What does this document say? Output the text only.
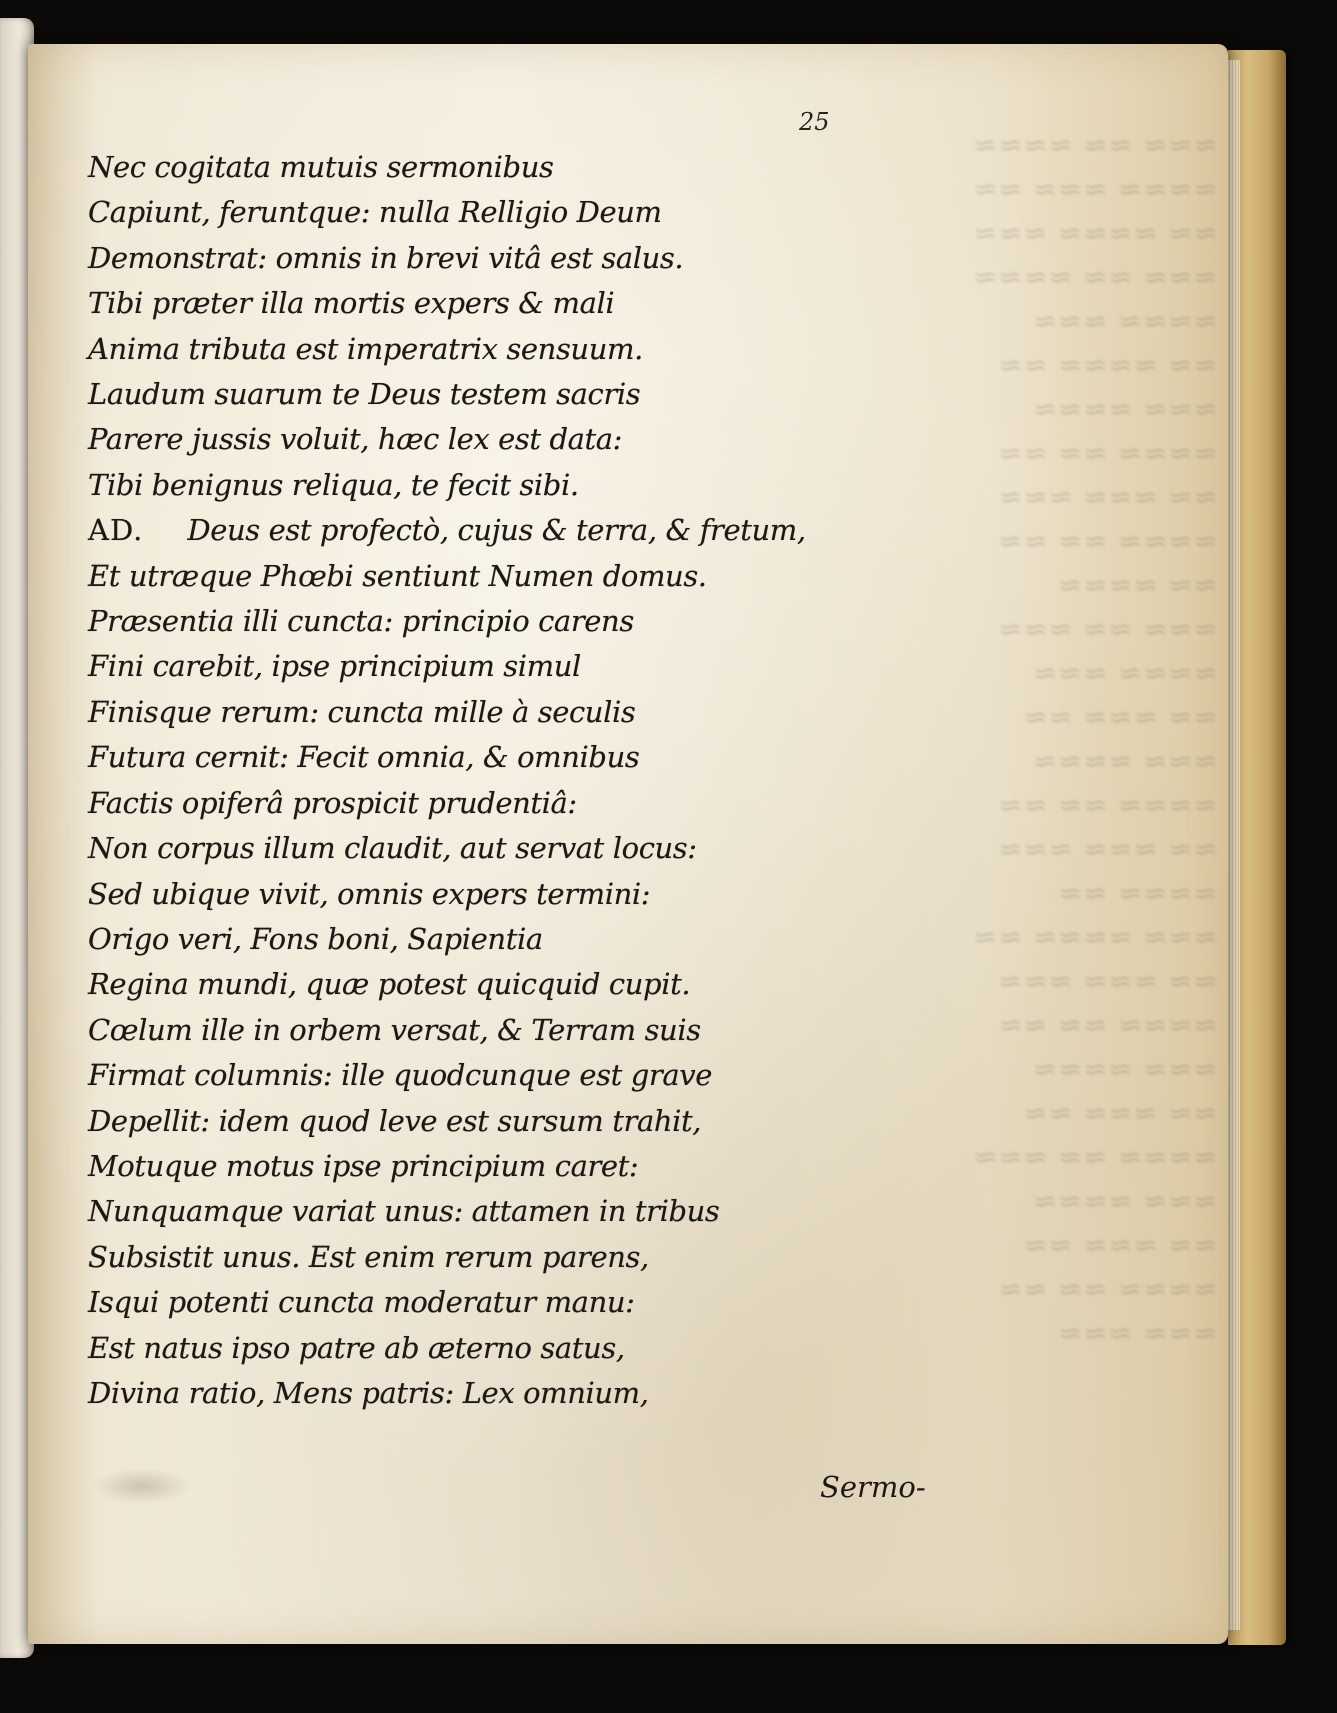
≈≈≈ ≈≈ ≈≈≈≈
≈≈≈≈ ≈≈≈ ≈≈
≈≈ ≈≈≈≈ ≈≈≈
≈≈≈ ≈≈ ≈≈≈≈
≈≈≈≈ ≈≈≈
≈≈ ≈≈≈≈ ≈≈
≈≈≈ ≈≈≈≈
≈≈≈≈ ≈≈ ≈≈
≈≈ ≈≈≈ ≈≈≈
≈≈≈≈ ≈≈ ≈≈
≈≈ ≈≈≈≈
≈≈≈ ≈≈ ≈≈≈
≈≈≈≈ ≈≈≈
≈≈ ≈≈≈ ≈≈
≈≈≈ ≈≈≈≈
≈≈≈≈ ≈≈ ≈≈
≈≈ ≈≈≈ ≈≈≈
≈≈≈≈ ≈≈
≈≈≈ ≈≈≈≈ ≈≈
≈≈ ≈≈≈ ≈≈≈
≈≈≈≈ ≈≈ ≈≈
≈≈≈ ≈≈≈≈
≈≈ ≈≈≈ ≈≈
≈≈≈≈ ≈≈ ≈≈≈
≈≈≈ ≈≈≈≈
≈≈ ≈≈≈ ≈≈
≈≈≈≈ ≈≈ ≈≈
≈≈≈ ≈≈≈
25
Nec cogitata mutuis sermonibus
Capiunt, feruntque: nulla Relligio Deum
Demonstrat: omnis in brevi vitâ est salus.
Tibi præter illa mortis expers & mali
Anima tributa est imperatrix sensuum.
Laudum suarum te Deus testem sacris
Parere jussis voluit, hæc lex est data:
Tibi benignus reliqua, te fecit sibi.
AD. Deus est profectò, cujus & terra, & fretum,
Et utræque Phœbi sentiunt Numen domus.
Præsentia illi cuncta: principio carens
Fini carebit, ipse principium simul
Finisque rerum: cuncta mille à seculis
Futura cernit: Fecit omnia, & omnibus
Factis opiferâ prospicit prudentiâ:
Non corpus illum claudit, aut servat locus:
Sed ubique vivit, omnis expers termini:
Origo veri, Fons boni, Sapientia
Regina mundi, quæ potest quicquid cupit.
Cœlum ille in orbem versat, & Terram suis
Firmat columnis: ille quodcunque est grave
Depellit: idem quod leve est sursum trahit,
Motuque motus ipse principium caret:
Nunquamque variat unus: attamen in tribus
Subsistit unus. Est enim rerum parens,
Isqui potenti cuncta moderatur manu:
Est natus ipso patre ab æterno satus,
Divina ratio, Mens patris: Lex omnium,
Sermo-
